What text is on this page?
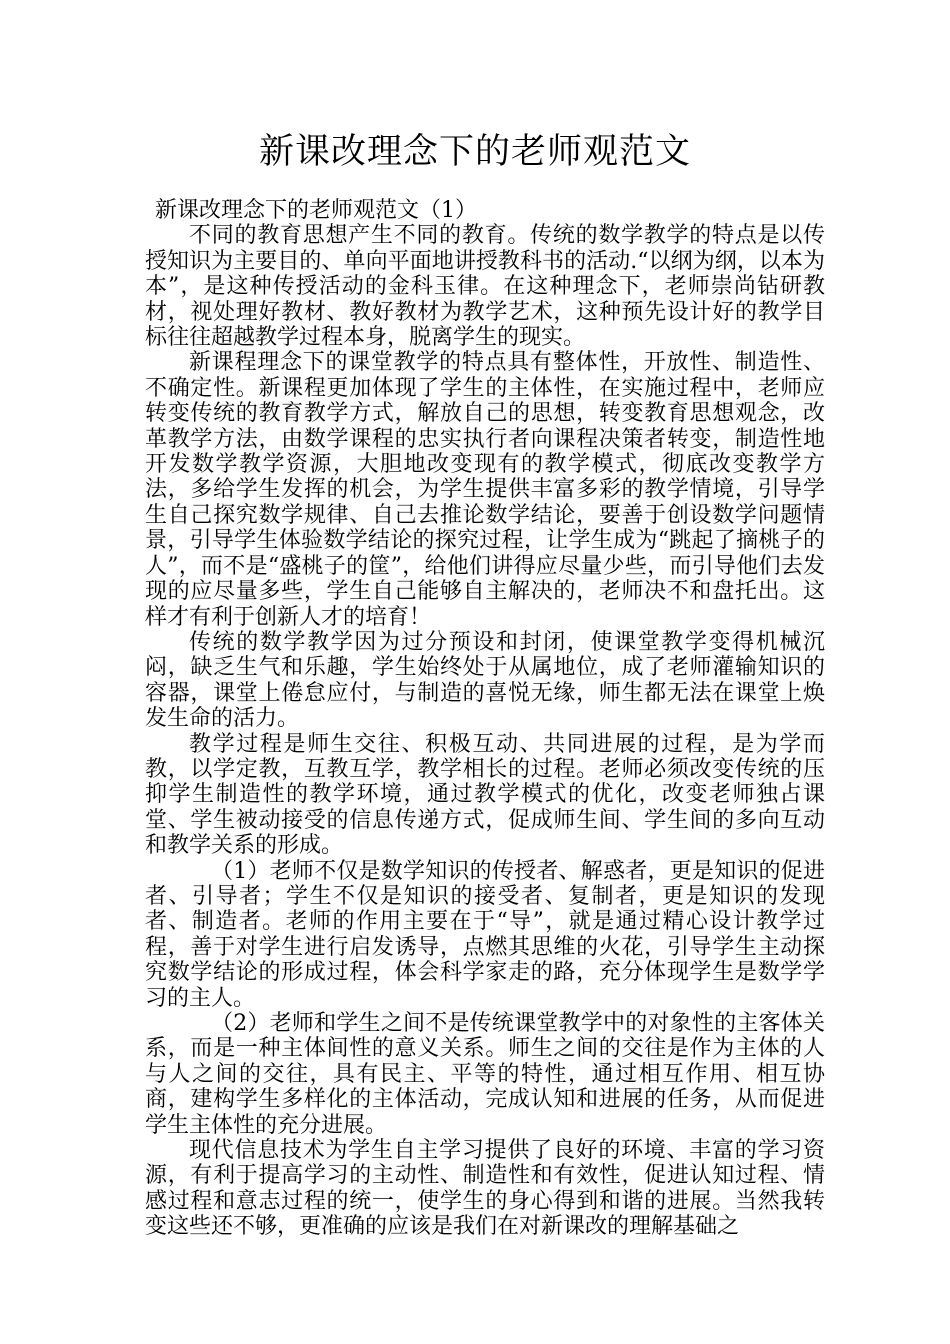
新课改理念下的老师观范文

新课改理念下的老师观范文（1）

不同的教育思想产生不同的教育。传统的数学教学的特点是以传授知识为主要目的、单向平面地讲授教科书的活动.“以纲为纲，以本为本”，是这种传授活动的金科玉律。在这种理念下，老师崇尚钻研教材，视处理好教材、教好教材为教学艺术，这种预先设计好的教学目标往往超越教学过程本身，脱离学生的现实。

新课程理念下的课堂教学的特点具有整体性，开放性、制造性、不确定性。新课程更加体现了学生的主体性，在实施过程中，老师应转变传统的教育教学方式，解放自己的思想，转变教育思想观念，改革教学方法，由数学课程的忠实执行者向课程决策者转变，制造性地开发数学教学资源，大胆地改变现有的教学模式，彻底改变教学方法，多给学生发挥的机会，为学生提供丰富多彩的教学情境，引导学生自己探究数学规律、自己去推论数学结论，要善于创设数学问题情景，引导学生体验数学结论的探究过程，让学生成为“跳起了摘桃子的人”，而不是“盛桃子的筐”，给他们讲得应尽量少些，而引导他们去发现的应尽量多些，学生自己能够自主解决的，老师决不和盘托出。这样才有利于创新人才的培育！

传统的数学教学因为过分预设和封闭，使课堂教学变得机械沉闷，缺乏生气和乐趣，学生始终处于从属地位，成了老师灌输知识的容器，课堂上倦怠应付，与制造的喜悦无缘，师生都无法在课堂上焕发生命的活力。

教学过程是师生交往、积极互动、共同进展的过程，是为学而教，以学定教，互教互学，教学相长的过程。老师必须改变传统的压抑学生制造性的教学环境，通过教学模式的优化，改变老师独占课堂、学生被动接受的信息传递方式，促成师生间、学生间的多向互动和教学关系的形成。

（1）老师不仅是数学知识的传授者、解惑者，更是知识的促进者、引导者；学生不仅是知识的接受者、复制者，更是知识的发现者、制造者。老师的作用主要在于“导”，就是通过精心设计教学过程，善于对学生进行启发诱导，点燃其思维的火花，引导学生主动探究数学结论的形成过程，体会科学家走的路，充分体现学生是数学学习的主人。

（2）老师和学生之间不是传统课堂教学中的对象性的主客体关系，而是一种主体间性的意义关系。师生之间的交往是作为主体的人与人之间的交往，具有民主、平等的特性，通过相互作用、相互协商，建构学生多样化的主体活动，完成认知和进展的任务，从而促进学生主体性的充分进展。

现代信息技术为学生自主学习提供了良好的环境、丰富的学习资源，有利于提高学习的主动性、制造性和有效性，促进认知过程、情感过程和意志过程的统一，使学生的身心得到和谐的进展。当然我转变这些还不够，更准确的应该是我们在对新课改的理解基础之
